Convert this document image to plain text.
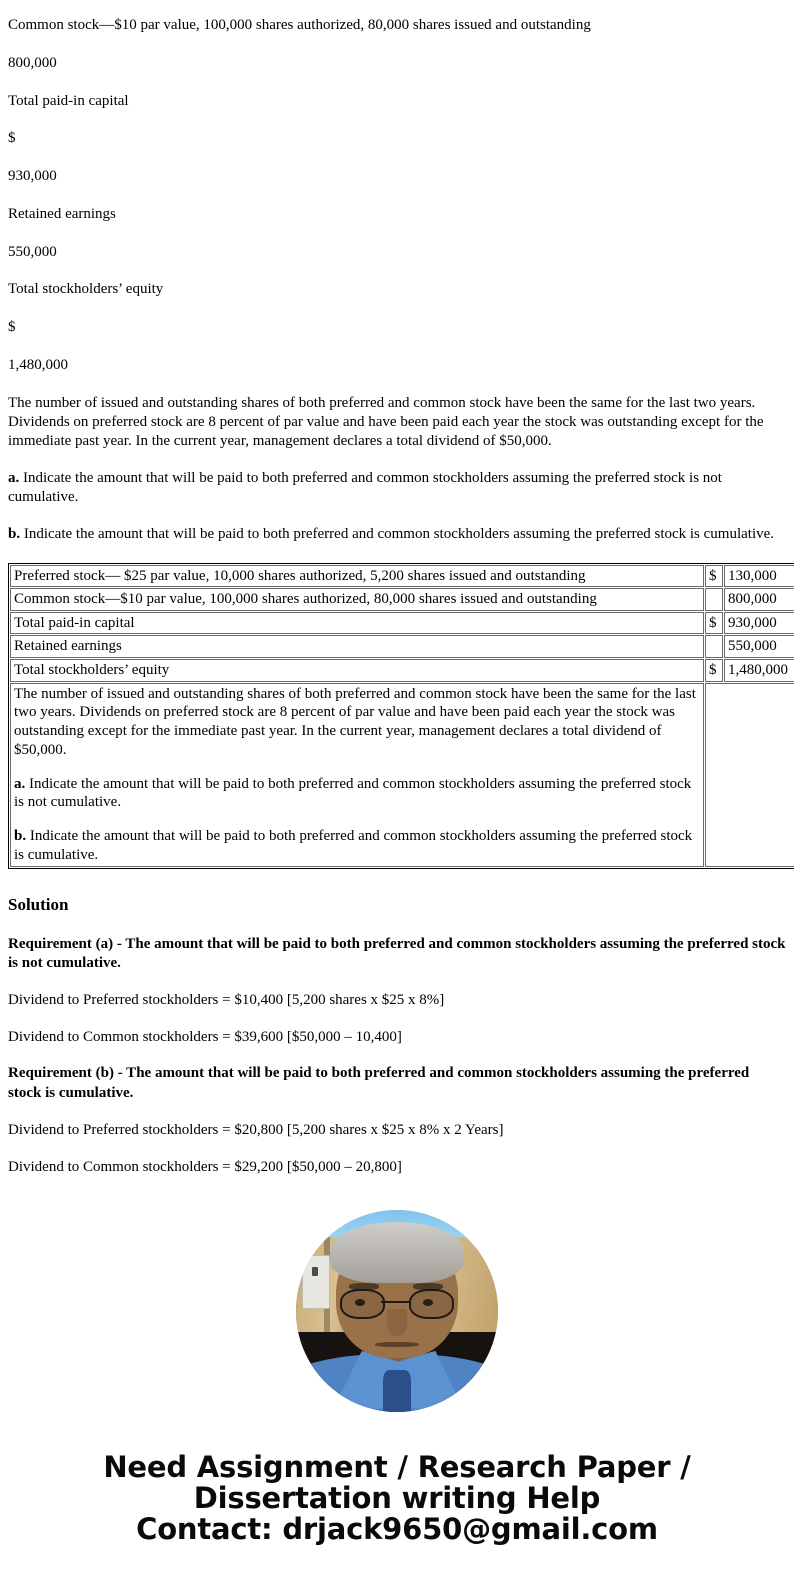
Common stock—$10 par value, 100,000 shares authorized, 80,000 shares issued and outstanding
800,000
Total paid-in capital
$
930,000
Retained earnings
550,000
Total stockholders’ equity
$
1,480,000
The number of issued and outstanding shares of both preferred and common stock have been the same for the last two years. Dividends on preferred stock are 8 percent of par value and have been paid each year the stock was outstanding except for the immediate past year. In the current year, management declares a total dividend of $50,000.
a. Indicate the amount that will be paid to both preferred and common stockholders assuming the preferred stock is not cumulative.
b. Indicate the amount that will be paid to both preferred and common stockholders assuming the preferred stock is cumulative.
Preferred stock— $25 par value, 10,000 shares authorized, 5,200 shares issued and outstanding	$	130,000
Common stock—$10 par value, 100,000 shares authorized, 80,000 shares issued and outstanding		800,000
Total paid-in capital	$	930,000
Retained earnings		550,000
Total stockholders’ equity	$	1,480,000

The number of issued and outstanding shares of both preferred and common stock have been the same for the last two years. Dividends on preferred stock are 8 percent of par value and have been paid each year the stock was outstanding except for the immediate past year. In the current year, management declares a total dividend of $50,000.

a. Indicate the amount that will be paid to both preferred and common stockholders assuming the preferred stock is not cumulative.

b. Indicate the amount that will be paid to both preferred and common stockholders assuming the preferred stock is cumulative.		

Solution
Requirement (a) - The amount that will be paid to both preferred and common stockholders assuming the preferred stock is not cumulative.
Dividend to Preferred stockholders = $10,400 [5,200 shares x $25 x 8%]
Dividend to Common stockholders = $39,600 [$50,000 – 10,400]
Requirement (b) - The amount that will be paid to both preferred and common stockholders assuming the preferred stock is cumulative.
Dividend to Preferred stockholders = $20,800 [5,200 shares x $25 x 8% x 2 Years]
Dividend to Common stockholders = $29,200 [$50,000 – 20,800]
Need Assignment / Research Paper / Dissertation writing Help
Contact: drjack9650@gmail.com
